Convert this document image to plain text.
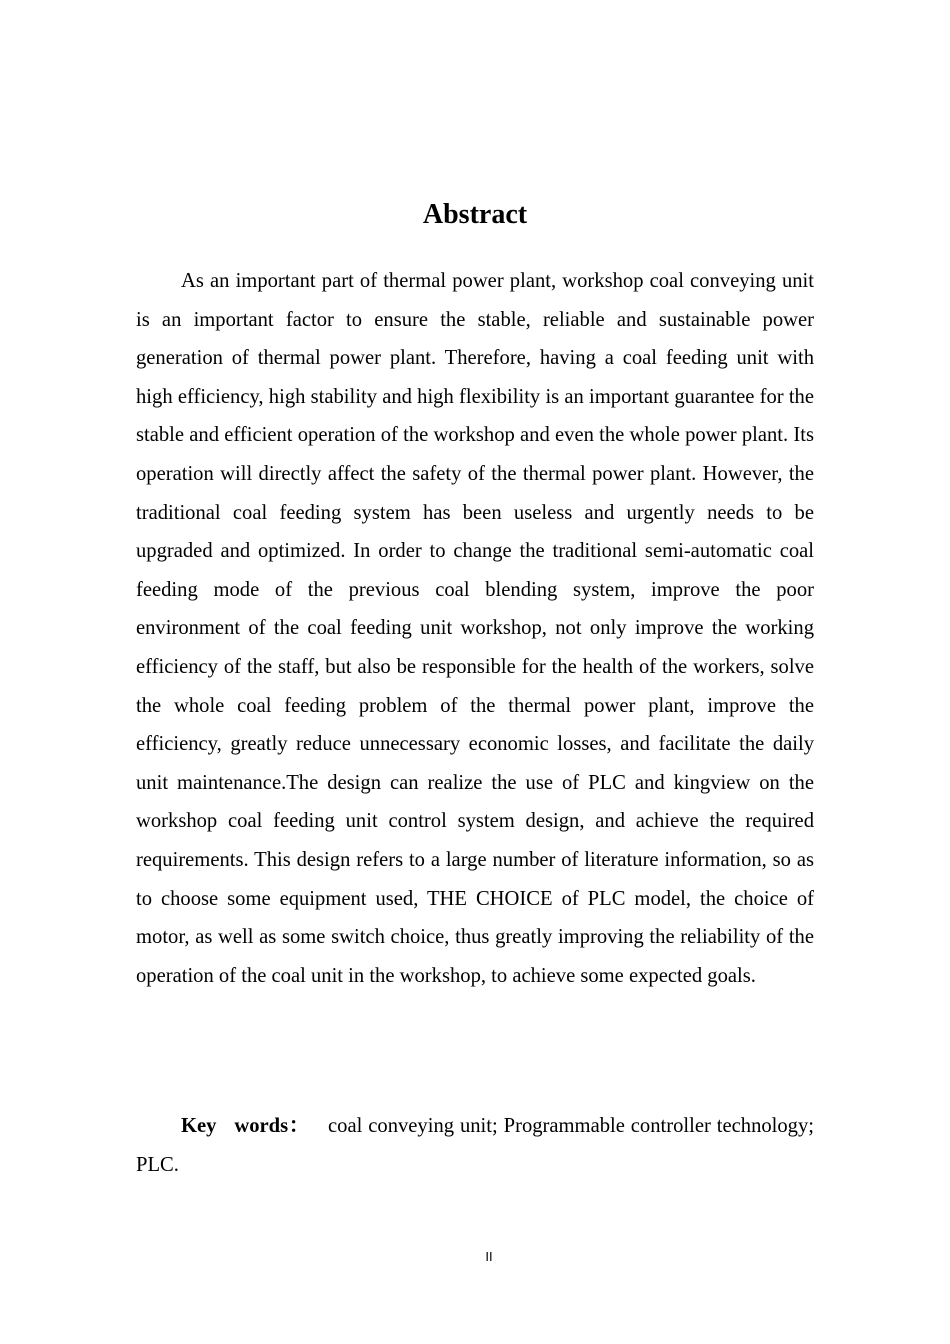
Abstract

As an important part of thermal power plant, workshop coal conveying unit is an important factor to ensure the stable, reliable and sustainable power generation of thermal power plant. Therefore, having a coal feeding unit with high efficiency, high stability and high flexibility is an important guarantee for the stable and efficient operation of the workshop and even the whole power plant. Its operation will directly affect the safety of the thermal power plant. However, the traditional coal feeding system has been useless and urgently needs to be upgraded and optimized. In order to change the traditional semi-automatic coal feeding mode of the previous coal blending system, improve the poor environment of the coal feeding unit workshop, not only improve the working efficiency of the staff, but also be responsible for the health of the workers, solve the whole coal feeding problem of the thermal power plant, improve the efficiency, greatly reduce unnecessary economic losses, and facilitate the daily unit maintenance.The design can realize the use of PLC and kingview on the workshop coal feeding unit control system design, and achieve the required requirements. This design refers to a large number of literature information, so as to choose some equipment used, THE CHOICE of PLC model, the choice of motor, as well as some switch choice, thus greatly improving the reliability of the operation of the coal unit in the workshop, to achieve some expected goals.

Key words： coal conveying unit; Programmable controller technology; PLC.

II
